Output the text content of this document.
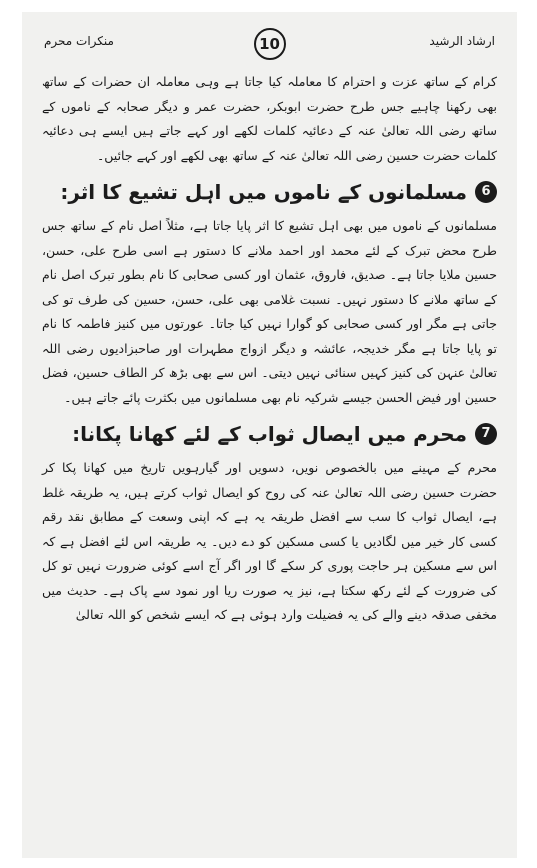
ارشاد الرشید
10
منکرات محرم

کرام کے ساتھ عزت و احترام کا معاملہ کیا جاتا ہے وہی معاملہ ان حضرات کے ساتھ بھی رکھنا چاہیے جس طرح حضرت ابوبکر، حضرت عمر و دیگر صحابہ کے ناموں کے ساتھ رضی اللہ تعالیٰ عنہ کے دعائیہ کلمات لکھے اور کہے جاتے ہیں ایسے ہی دعائیہ کلمات حضرت حسین رضی اللہ تعالیٰ عنہ کے ساتھ بھی لکھے اور کہے جائیں۔

6
مسلمانوں کے ناموں میں اہل تشیع کا اثر:

مسلمانوں کے ناموں میں بھی اہل تشیع کا اثر پایا جاتا ہے، مثلاً اصل نام کے ساتھ جس طرح محض تبرک کے لئے محمد اور احمد ملانے کا دستور ہے اسی طرح علی، حسن، حسین ملایا جاتا ہے۔ صدیق، فاروق، عثمان اور کسی صحابی کا نام بطور تبرک اصل نام کے ساتھ ملانے کا دستور نہیں۔ نسبت غلامی بھی علی، حسن، حسین کی طرف تو کی جاتی ہے مگر اور کسی صحابی کو گوارا نہیں کیا جاتا۔ عورتوں میں کنیز فاطمہ کا نام تو پایا جاتا ہے مگر خدیجہ، عائشہ و دیگر ازواج مطہرات اور صاحبزادیوں رضی اللہ تعالیٰ عنہن کی کنیز کہیں سنائی نہیں دیتی۔ اس سے بھی بڑھ کر الطاف حسین، فضل حسین اور فیض الحسن جیسے شرکیہ نام بھی مسلمانوں میں بکثرت پائے جاتے ہیں۔

7
محرم میں ایصال ثواب کے لئے کھانا پکانا:

محرم کے مہینے میں بالخصوص نویں، دسویں اور گیارہویں تاریخ میں کھانا پکا کر حضرت حسین رضی اللہ تعالیٰ عنہ کی روح کو ایصال ثواب کرتے ہیں، یہ طریقہ غلط ہے، ایصال ثواب کا سب سے افضل طریقہ یہ ہے کہ اپنی وسعت کے مطابق نقد رقم کسی کار خیر میں لگادیں یا کسی مسکین کو دے دیں۔ یہ طریقہ اس لئے افضل ہے کہ اس سے مسکین ہر حاجت پوری کر سکے گا اور اگر آج اسے کوئی ضرورت نہیں تو کل کی ضرورت کے لئے رکھ سکتا ہے، نیز یہ صورت ریا اور نمود سے پاک ہے۔ حدیث میں مخفی صدقہ دینے والے کی یہ فضیلت وارد ہوئی ہے کہ ایسے شخص کو اللہ تعالیٰ
